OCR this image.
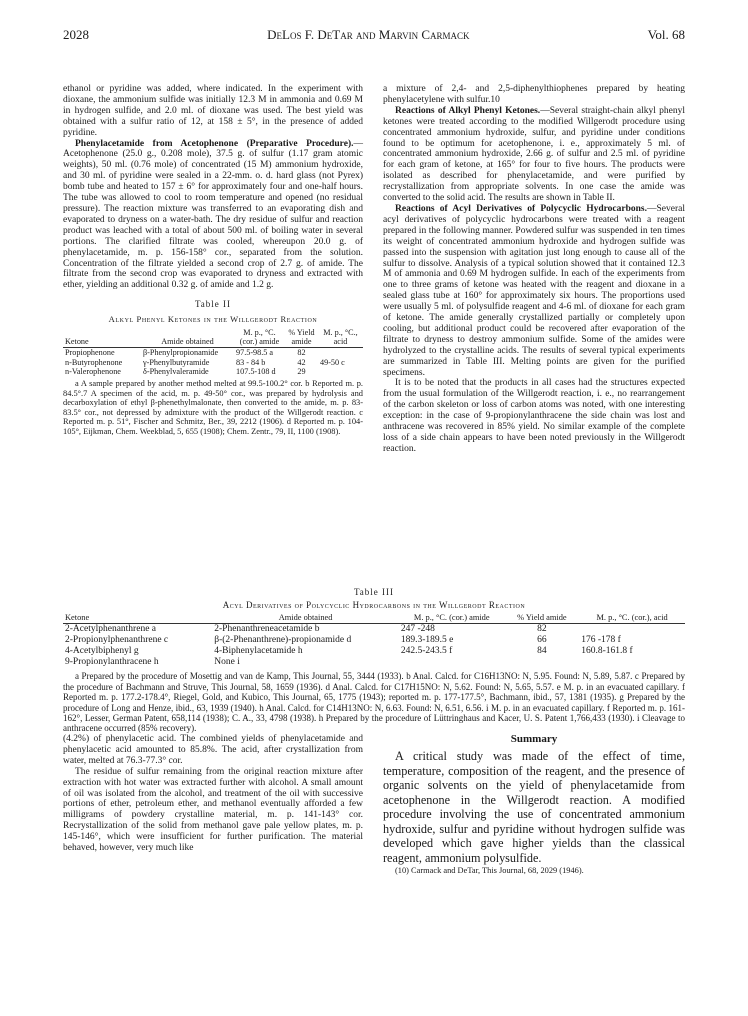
2028	DeLos F. DeTar and Marvin Carmack	Vol. 68

ethanol or pyridine was added, where indicated. In the experiment with dioxane, the ammonium sulfide was initially 12.3 M in ammonia and 0.69 M in hydrogen sulfide, and 2.0 ml. of dioxane was used. The best yield was obtained with a sulfur ratio of 12, at 158 ± 5°, in the presence of added pyridine.

Phenylacetamide from Acetophenone (Preparative Procedure).—Acetophenone (25.0 g., 0.208 mole), 37.5 g. of sulfur (1.17 gram atomic weights), 50 ml. (0.76 mole) of concentrated (15 M) ammonium hydroxide, and 30 ml. of pyridine were sealed in a 22-mm. o. d. hard glass (not Pyrex) bomb tube and heated to 157 ± 6° for approximately four and one-half hours. The tube was allowed to cool to room temperature and opened (no residual pressure). The reaction mixture was transferred to an evaporating dish and evaporated to dryness on a water-bath. The dry residue of sulfur and reaction product was leached with a total of about 500 ml. of boiling water in several portions. The clarified filtrate was cooled, whereupon 20.0 g. of phenylacetamide, m. p. 156-158° cor., separated from the solution. Concentration of the filtrate yielded a second crop of 2.7 g. of amide. The filtrate from the second crop was evaporated to dryness and extracted with ether, yielding an additional 0.32 g. of amide and 1.2 g.

Table II
Alkyl Phenyl Ketones in the Willgerodt Reaction
Ketone	Amide obtained	M. p., °C. (cor.) amide	% Yield amide	M. p., °C., acid
Propiophenone	β-Phenylpropionamide	97.5-98.5 a	82	
n-Butyrophenone	γ-Phenylbutyramide	83 - 84 b	42	49-50 c
n-Valerophenone	δ-Phenylvaleramide	107.5-108 d	29	

a A sample prepared by another method melted at 99.5-100.2° cor. b Reported m. p. 84.5°.7 A specimen of the acid, m. p. 49-50° cor., was prepared by hydrolysis and decarboxylation of ethyl β-phenethylmalonate, then converted to the amide, m. p. 83-83.5° cor., not depressed by admixture with the product of the Willgerodt reaction. c Reported m. p. 51°, Fischer and Schmitz, Ber., 39, 2212 (1906). d Reported m. p. 104-105°, Eijkman, Chem. Weekblad, 5, 655 (1908); Chem. Zentr., 79, II, 1100 (1908).

a mixture of 2,4- and 2,5-diphenylthiophenes prepared by heating phenylacetylene with sulfur.10

Reactions of Alkyl Phenyl Ketones.—Several straight-chain alkyl phenyl ketones were treated according to the modified Willgerodt procedure using concentrated ammonium hydroxide, sulfur, and pyridine under conditions found to be optimum for acetophenone, i. e., approximately 5 ml. of concentrated ammonium hydroxide, 2.66 g. of sulfur and 2.5 ml. of pyridine for each gram of ketone, at 165° for four to five hours. The products were isolated as described for phenylacetamide, and were purified by recrystallization from appropriate solvents. In one case the amide was converted to the solid acid. The results are shown in Table II.

Reactions of Acyl Derivatives of Polycyclic Hydrocarbons.—Several acyl derivatives of polycyclic hydrocarbons were treated with a reagent prepared in the following manner. Powdered sulfur was suspended in ten times its weight of concentrated ammonium hydroxide and hydrogen sulfide was passed into the suspension with agitation just long enough to cause all of the sulfur to dissolve. Analysis of a typical solution showed that it contained 12.3 M of ammonia and 0.69 M hydrogen sulfide. In each of the experiments from one to three grams of ketone was heated with the reagent and dioxane in a sealed glass tube at 160° for approximately six hours. The proportions used were usually 5 ml. of polysulfide reagent and 4-6 ml. of dioxane for each gram of ketone. The amide generally crystallized partially or completely upon cooling, but additional product could be recovered after evaporation of the filtrate to dryness to destroy ammonium sulfide. Some of the amides were hydrolyzed to the crystalline acids. The results of several typical experiments are summarized in Table III. Melting points are given for the purified specimens.

It is to be noted that the products in all cases had the structures expected from the usual formulation of the Willgerodt reaction, i. e., no rearrangement of the carbon skeleton or loss of carbon atoms was noted, with one interesting exception: in the case of 9-propionylanthracene the side chain was lost and anthracene was recovered in 85% yield. No similar example of the complete loss of a side chain appears to have been noted previously in the Willgerodt reaction.

Table III
Acyl Derivatives of Polycyclic Hydrocarbons in the Willgerodt Reaction
Ketone	Amide obtained	M. p., °C. (cor.) amide	% Yield amide	M. p., °C. (cor.), acid
2-Acetylphenanthrene a	2-Phenanthreneacetamide b	247 -248	82	
2-Propionylphenanthrene c	β-(2-Phenanthrene)-propionamide d	189.3-189.5 e	66	176 -178 f
4-Acetylbiphenyl g	4-Biphenylacetamide h	242.5-243.5 f	84	160.8-161.8 f
9-Propionylanthracene h	None i			

a Prepared by the procedure of Mosettig and van de Kamp, This Journal, 55, 3444 (1933). b Anal. Calcd. for C16H13NO: N, 5.95. Found: N, 5.89, 5.87. c Prepared by the procedure of Bachmann and Struve, This Journal, 58, 1659 (1936). d Anal. Calcd. for C17H15NO: N, 5.62. Found: N, 5.65, 5.57. e M. p. in an evacuated capillary. f Reported m. p. 177.2-178.4°, Riegel, Gold, and Kubico, This Journal, 65, 1775 (1943); reported m. p. 177-177.5°, Bachmann, ibid., 57, 1381 (1935). g Prepared by the procedure of Long and Henze, ibid., 63, 1939 (1940). h Anal. Calcd. for C14H13NO: N, 6.63. Found: N, 6.51, 6.56. i M. p. in an evacuated capillary. f Reported m. p. 161-162°, Lesser, German Patent, 658,114 (1938); C. A., 33, 4798 (1938). h Prepared by the procedure of Lüttringhaus and Kacer, U. S. Patent 1,766,433 (1930). i Cleavage to anthracene occurred (85% recovery).

(4.2%) of phenylacetic acid. The combined yields of phenylacetamide and phenylacetic acid amounted to 85.8%. The acid, after crystallization from water, melted at 76.3-77.3° cor.

The residue of sulfur remaining from the original reaction mixture after extraction with hot water was extracted further with alcohol. A small amount of oil was isolated from the alcohol, and treatment of the oil with successive portions of ether, petroleum ether, and methanol eventually afforded a few milligrams of powdery crystalline material, m. p. 141-143° cor. Recrystallization of the solid from methanol gave pale yellow plates, m. p. 145-146°, which were insufficient for further purification. The material behaved, however, very much like

Summary

A critical study was made of the effect of time, temperature, composition of the reagent, and the presence of organic solvents on the yield of phenylacetamide from acetophenone in the Willgerodt reaction. A modified procedure involving the use of concentrated ammonium hydroxide, sulfur and pyridine without hydrogen sulfide was developed which gave higher yields than the classical reagent, ammonium polysulfide.

(10) Carmack and DeTar, This Journal, 68, 2029 (1946).
